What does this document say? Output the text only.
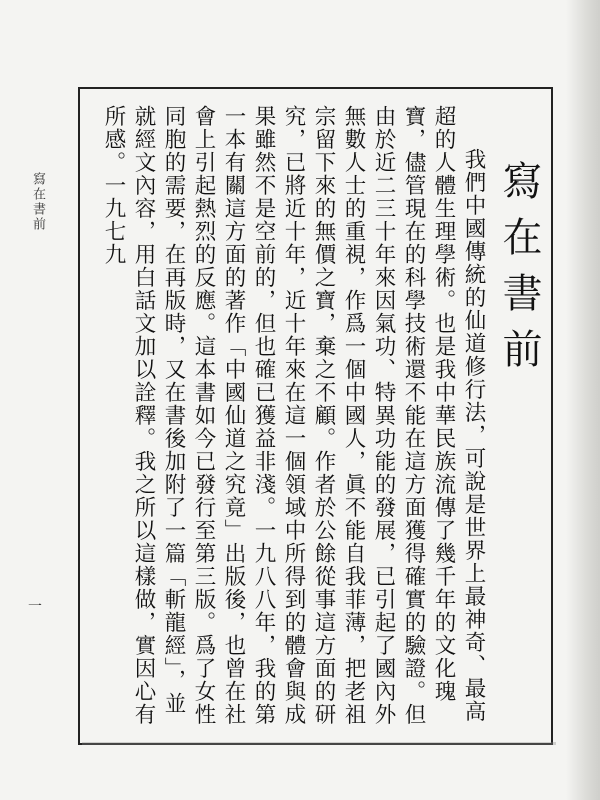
寫在書前
一
寫在書前

我們中國傳統的仙道修行法，可說是世界上最神奇、最高超的人體生理學術。也是我中華民族流傳了幾千年的文化瑰寶，儘管現在的科學技術還不能在這方面獲得確實的驗證。但由於近二三十年來因氣功、特異功能的發展，已引起了國內外無數人士的重視，作爲一個中國人，眞不能自我菲薄，把老祖宗留下來的無價之寶，棄之不顧。作者於公餘從事這方面的研究，已將近十年，近十年來在這一個領域中所得到的體會與成果雖然不是空前的，但也確已獲益非淺。一九八八年，我的第一本有關這方面的著作「中國仙道之究竟」出版後，也曾在社會上引起熱烈的反應。這本書如今已發行至第三版。爲了女性同胞的需要，在再版時，又在書後加附了一篇「斬龍經」，並就經文內容，用白話文加以詮釋。我之所以這樣做，實因心有所感。一九七九
